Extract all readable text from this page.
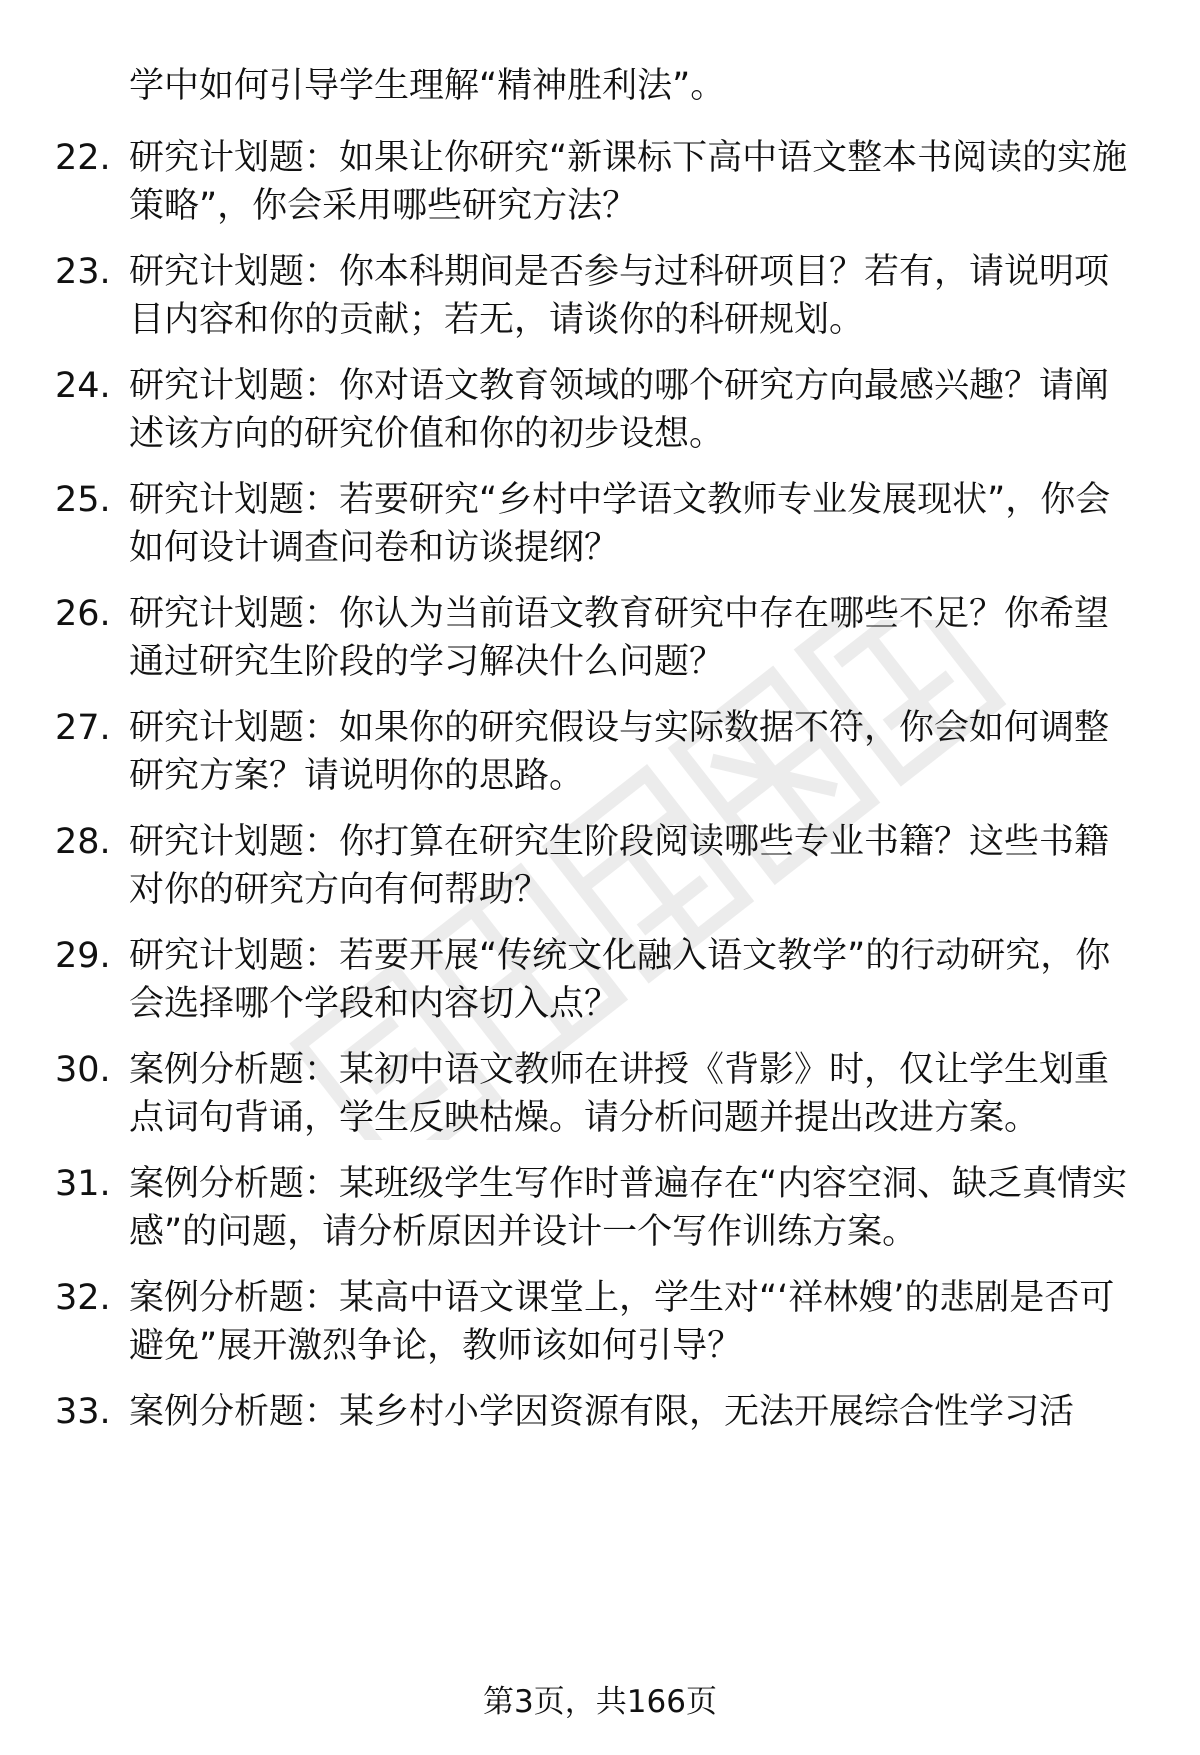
学中如何引导学生理解“精神胜利法”。
22. 研究计划题：如果让你研究“新课标下高中语文整本书阅读的实施策略”，你会采用哪些研究方法？
23. 研究计划题：你本科期间是否参与过科研项目？若有，请说明项目内容和你的贡献；若无，请谈你的科研规划。
24. 研究计划题：你对语文教育领域的哪个研究方向最感兴趣？请阐述该方向的研究价值和你的初步设想。
25. 研究计划题：若要研究“乡村中学语文教师专业发展现状”，你会如何设计调查问卷和访谈提纲？
26. 研究计划题：你认为当前语文教育研究中存在哪些不足？你希望通过研究生阶段的学习解决什么问题？
27. 研究计划题：如果你的研究假设与实际数据不符，你会如何调整研究方案？请说明你的思路。
28. 研究计划题：你打算在研究生阶段阅读哪些专业书籍？这些书籍对你的研究方向有何帮助？
29. 研究计划题：若要开展“传统文化融入语文教学”的行动研究，你会选择哪个学段和内容切入点？
30. 案例分析题：某初中语文教师在讲授《背影》时，仅让学生划重点词句背诵，学生反映枯燥。请分析问题并提出改进方案。
31. 案例分析题：某班级学生写作时普遍存在“内容空洞、缺乏真情实感”的问题，请分析原因并设计一个写作训练方案。
32. 案例分析题：某高中语文课堂上，学生对“‘祥林嫂’的悲剧是否可避免”展开激烈争论，教师该如何引导？
33. 案例分析题：某乡村小学因资源有限，无法开展综合性学习活
第3页，共166页
